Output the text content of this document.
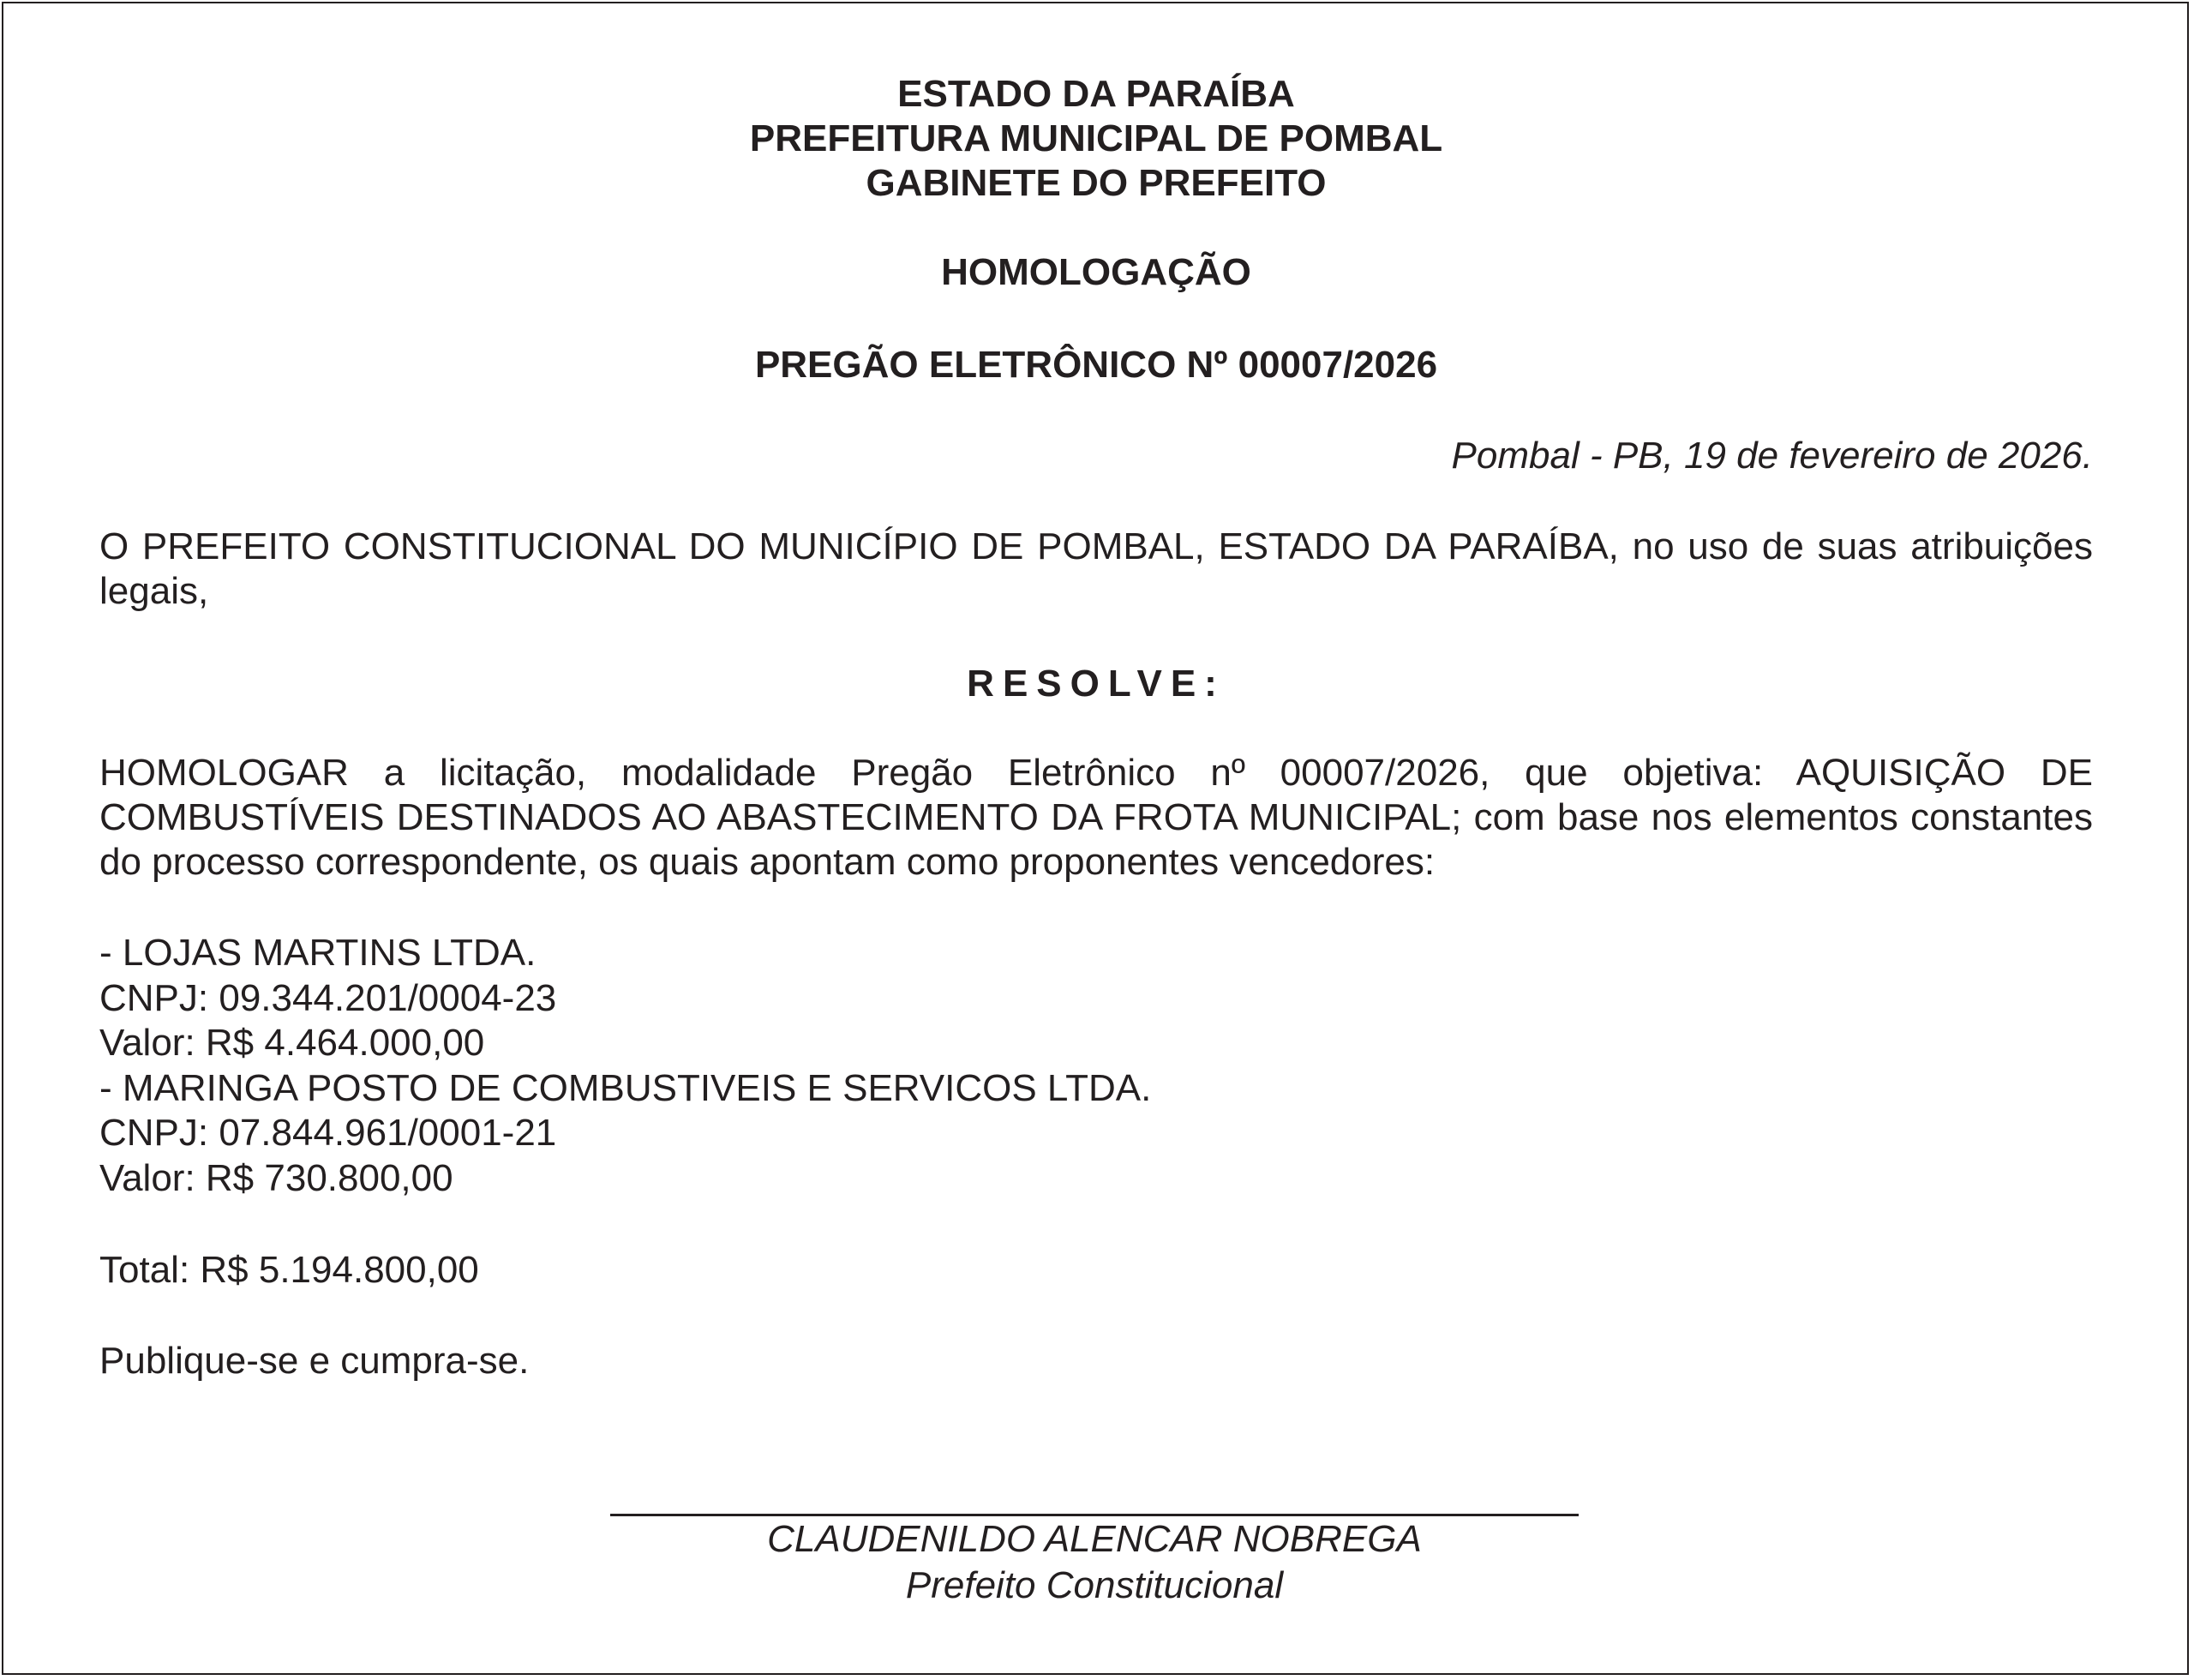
ESTADO DA PARAÍBA

PREFEITURA MUNICIPAL DE POMBAL

GABINETE DO PREFEITO

HOMOLOGAÇÃO

PREGÃO ELETRÔNICO Nº 00007/2026

Pombal - PB, 19 de fevereiro de 2026.

O PREFEITO CONSTITUCIONAL DO MUNICÍPIO DE POMBAL, ESTADO DA PARAÍBA, no uso de suas atribuições legais,

RESOLVE:

HOMOLOGAR a licitação, modalidade Pregão Eletrônico nº 00007/2026, que objetiva: AQUISIÇÃO DE COMBUSTÍVEIS DESTINADOS AO ABASTECIMENTO DA FROTA MUNICIPAL; com base nos elementos constantes do processo correspondente, os quais apontam como proponentes vencedores:

- LOJAS MARTINS LTDA.
CNPJ: 09.344.201/0004-23
Valor: R$ 4.464.000,00
- MARINGA POSTO DE COMBUSTIVEIS E SERVICOS LTDA.
CNPJ: 07.844.961/0001-21
Valor: R$ 730.800,00

Total: R$ 5.194.800,00

Publique-se e cumpra-se.

CLAUDENILDO ALENCAR NOBREGA

Prefeito Constitucional
